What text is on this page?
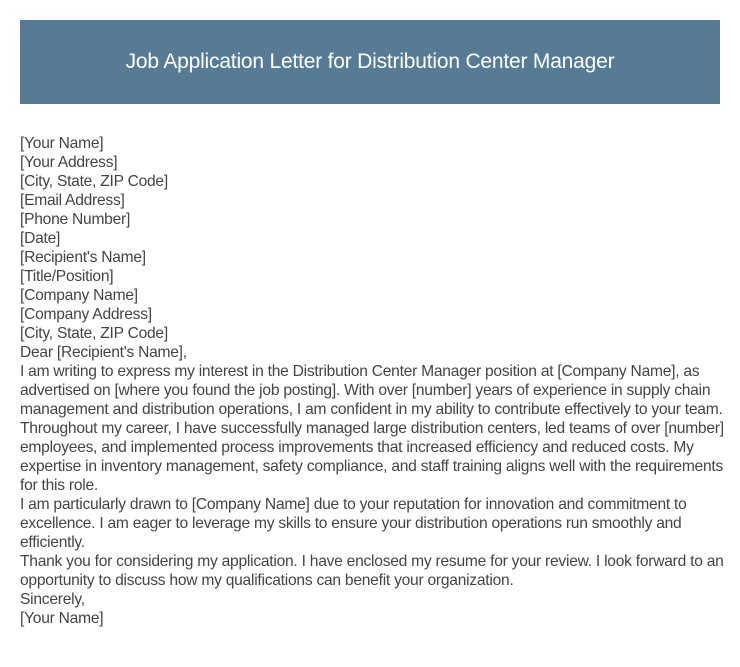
Job Application Letter for Distribution Center Manager
[Your Name]
[Your Address]
[City, State, ZIP Code]
[Email Address]
[Phone Number]
[Date]
[Recipient's Name]
[Title/Position]
[Company Name]
[Company Address]
[City, State, ZIP Code]
Dear [Recipient's Name],
I am writing to express my interest in the Distribution Center Manager position at [Company Name], as advertised on [where you found the job posting]. With over [number] years of experience in supply chain management and distribution operations, I am confident in my ability to contribute effectively to your team.
Throughout my career, I have successfully managed large distribution centers, led teams of over [number] employees, and implemented process improvements that increased efficiency and reduced costs. My expertise in inventory management, safety compliance, and staff training aligns well with the requirements for this role.
I am particularly drawn to [Company Name] due to your reputation for innovation and commitment to excellence. I am eager to leverage my skills to ensure your distribution operations run smoothly and efficiently.
Thank you for considering my application. I have enclosed my resume for your review. I look forward to an opportunity to discuss how my qualifications can benefit your organization.
Sincerely,
[Your Name]
